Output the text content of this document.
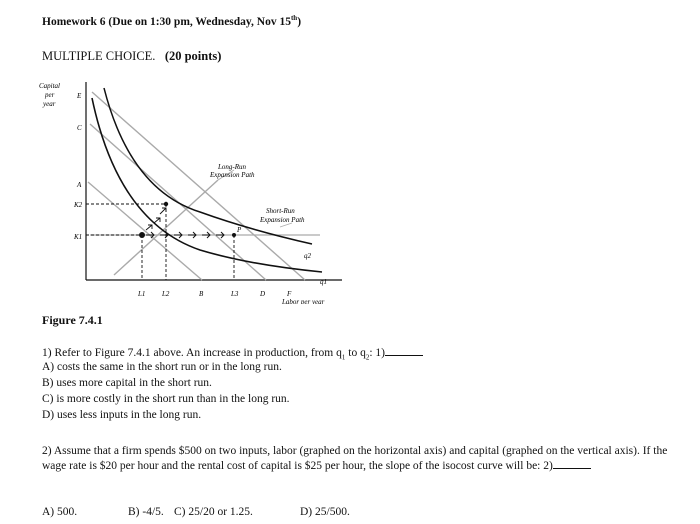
Homework 6 (Due on 1:30 pm, Wednesday, Nov 15th)
MULTIPLE CHOICE. (20 points)
Capital
per
year
E
C
A
K2
K1
P
L1 L2	B	L3	D	F
Labor per year
q2
q1
Long-Run
Expansion Path
Short-Run
Expansion Path
Figure 7.4.1
1) Refer to Figure 7.4.1 above. An increase in production, from $q_1$ to $q_2$: 1)
A) costs the same in the short run or in the long run.
B) uses more capital in the short run.
C) is more costly in the short run than in the long run.
D) uses less inputs in the long run.
2) Assume that a firm spends $500 on two inputs, labor (graphed on the horizontal axis) and capital (graphed on the vertical axis). If the wage rate is $20 per hour and the rental cost of capital is $25 per hour, the slope of the isocost curve will be: 2)
A) 500.	B) -4/5. C) 25/20 or 1.25.	D) 25/500.
